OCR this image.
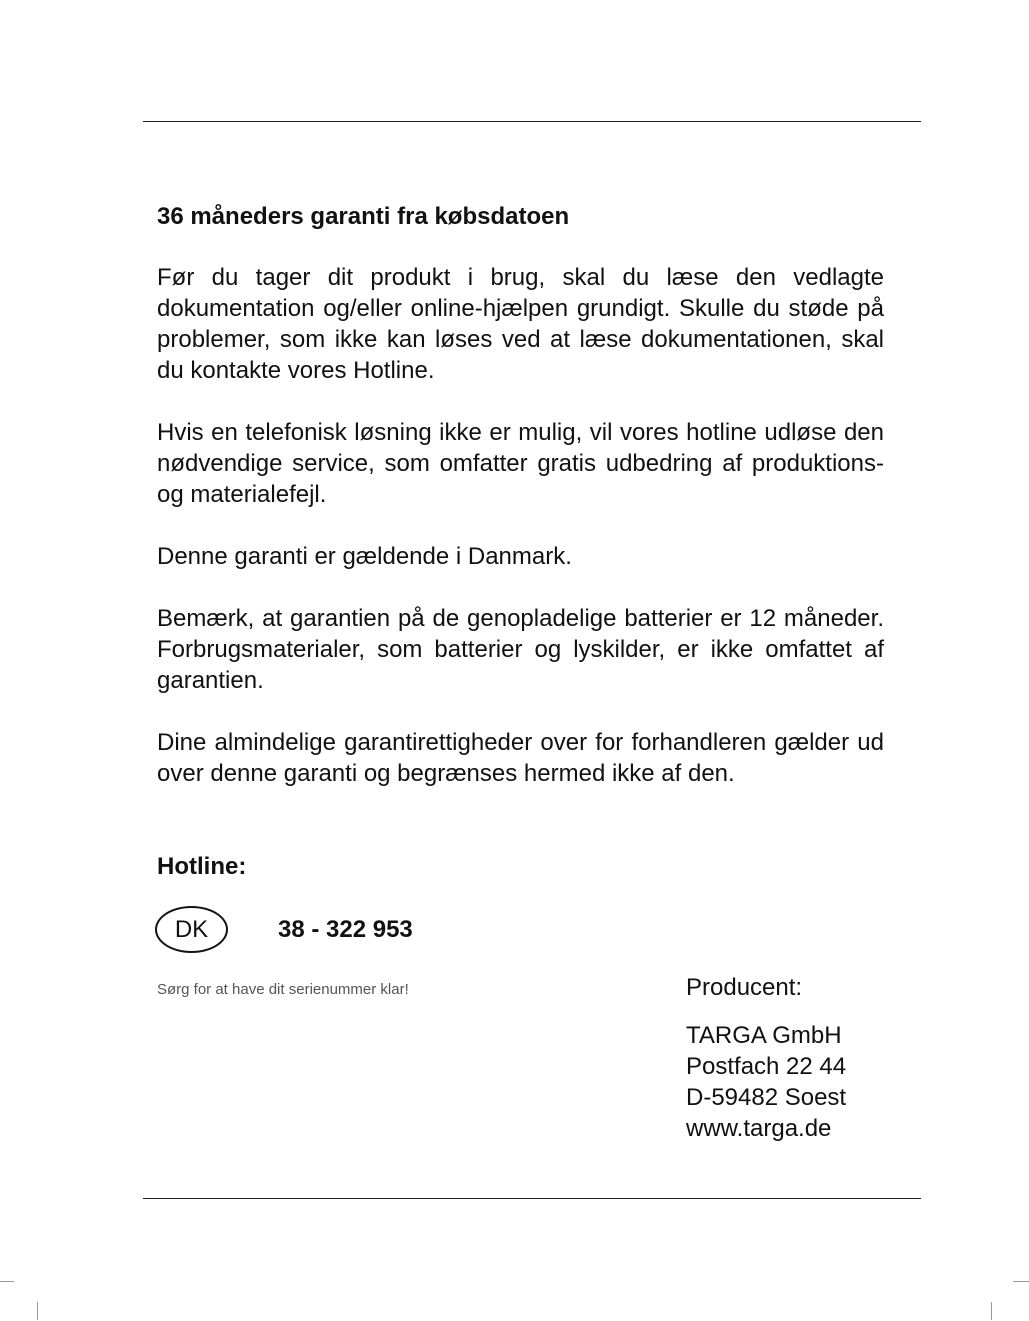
36 måneders garanti fra købsdatoen

Før du tager dit produkt i brug, skal du læse den vedlagte dokumentation og/eller online-hjælpen grundigt. Skulle du støde på problemer, som ikke kan løses ved at læse dokumentationen, skal du kontakte vores Hotline.

Hvis en telefonisk løsning ikke er mulig, vil vores hotline udløse den nødvendige service, som omfatter gratis udbedring af produktions- og materialefejl.

Denne garanti er gældende i Danmark.

Bemærk, at garantien på de genopladelige batterier er 12 måneder. Forbrugsmaterialer, som batterier og lyskilder, er ikke omfattet af garantien.

Dine almindelige garantirettigheder over for forhandleren gælder ud over denne garanti og begrænses hermed ikke af den.

Hotline:
DK	38 - 322 953
Sørg for at have dit serienummer klar!	Producent:
TARGA GmbH
Postfach 22 44
D-59482 Soest
www.targa.de
